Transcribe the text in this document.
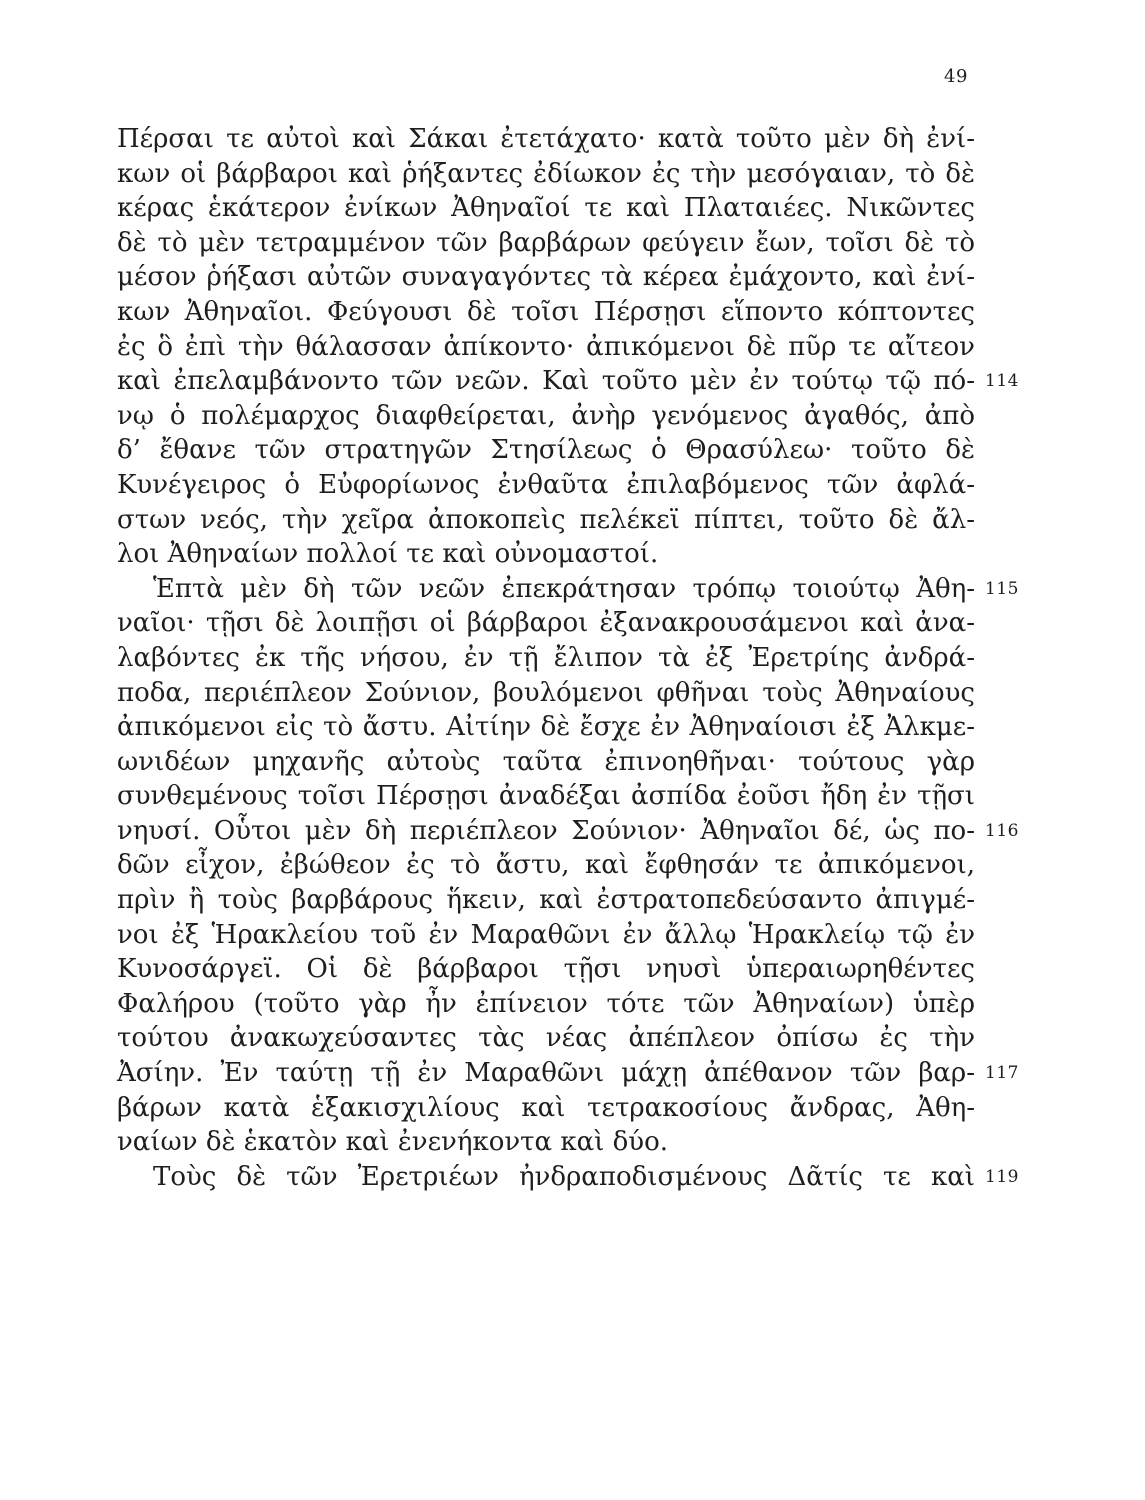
49
Πέρσαι τε αὐτοὶ καὶ Σάκαι ἐτετάχατο· κατὰ τοῦτο μὲν δὴ ἐνί-
κων οἱ βάρβαροι καὶ ῥήξαντες ἐδίωκον ἐς τὴν μεσόγαιαν, τὸ δὲ
κέρας ἑκάτερον ἐνίκων Ἀθηναῖοί τε καὶ Πλαταιέες. Νικῶντες
δὲ τὸ μὲν τετραμμένον τῶν βαρβάρων φεύγειν ἔων, τοῖσι δὲ τὸ
μέσον ῥήξασι αὐτῶν συναγαγόντες τὰ κέρεα ἐμάχοντο, καὶ ἐνί-
κων Ἀθηναῖοι. Φεύγουσι δὲ τοῖσι Πέρσῃσι εἵποντο κόπτοντες
ἐς ὃ ἐπὶ τὴν θάλασσαν ἀπίκοντο· ἀπικόμενοι δὲ πῦρ τε αἴτεον
καὶ ἐπελαμβάνοντο τῶν νεῶν. Καὶ τοῦτο μὲν ἐν τούτῳ τῷ πό- 114
νῳ ὁ πολέμαρχος διαφθείρεται, ἀνὴρ γενόμενος ἀγαθός, ἀπὸ
δ’ ἔθανε τῶν στρατηγῶν Στησίλεως ὁ Θρασύλεω· τοῦτο δὲ
Κυνέγειρος ὁ Εὐφορίωνος ἐνθαῦτα ἐπιλαβόμενος τῶν ἀφλά-
στων νεός, τὴν χεῖρα ἀποκοπεὶς πελέκεϊ πίπτει, τοῦτο δὲ ἄλ-
λοι Ἀθηναίων πολλοί τε καὶ οὐνομαστοί.
Ἑπτὰ μὲν δὴ τῶν νεῶν ἐπεκράτησαν τρόπῳ τοιούτῳ Ἀθη- 115
ναῖοι· τῇσι δὲ λοιπῇσι οἱ βάρβαροι ἐξανακρουσάμενοι καὶ ἀνα-
λαβόντες ἐκ τῆς νήσου, ἐν τῇ ἔλιπον τὰ ἐξ Ἐρετρίης ἀνδρά-
ποδα, περιέπλεον Σούνιον, βουλόμενοι φθῆναι τοὺς Ἀθηναίους
ἀπικόμενοι εἰς τὸ ἄστυ. Αἰτίην δὲ ἔσχε ἐν Ἀθηναίοισι ἐξ Ἀλκμε-
ωνιδέων μηχανῆς αὐτοὺς ταῦτα ἐπινοηθῆναι· τούτους γὰρ
συνθεμένους τοῖσι Πέρσῃσι ἀναδέξαι ἀσπίδα ἐοῦσι ἤδη ἐν τῇσι
νηυσί. Οὗτοι μὲν δὴ περιέπλεον Σούνιον· Ἀθηναῖοι δέ, ὡς πο- 116
δῶν εἶχον, ἐβώθεον ἐς τὸ ἄστυ, καὶ ἔφθησάν τε ἀπικόμενοι,
πρὶν ἢ τοὺς βαρβάρους ἥκειν, καὶ ἐστρατοπεδεύσαντο ἀπιγμέ-
νοι ἐξ Ἡρακλείου τοῦ ἐν Μαραθῶνι ἐν ἄλλῳ Ἡρακλείῳ τῷ ἐν
Κυνοσάργεϊ. Οἱ δὲ βάρβαροι τῇσι νηυσὶ ὑπεραιωρηθέντες
Φαλήρου (τοῦτο γὰρ ἦν ἐπίνειον τότε τῶν Ἀθηναίων) ὑπὲρ
τούτου ἀνακωχεύσαντες τὰς νέας ἀπέπλεον ὀπίσω ἐς τὴν
Ἀσίην. Ἐν ταύτῃ τῇ ἐν Μαραθῶνι μάχῃ ἀπέθανον τῶν βαρ- 117
βάρων κατὰ ἑξακισχιλίους καὶ τετρακοσίους ἄνδρας, Ἀθη-
ναίων δὲ ἑκατὸν καὶ ἐνενήκοντα καὶ δύο.
Τοὺς δὲ τῶν Ἐρετριέων ἠνδραποδισμένους Δᾶτίς τε καὶ 119
